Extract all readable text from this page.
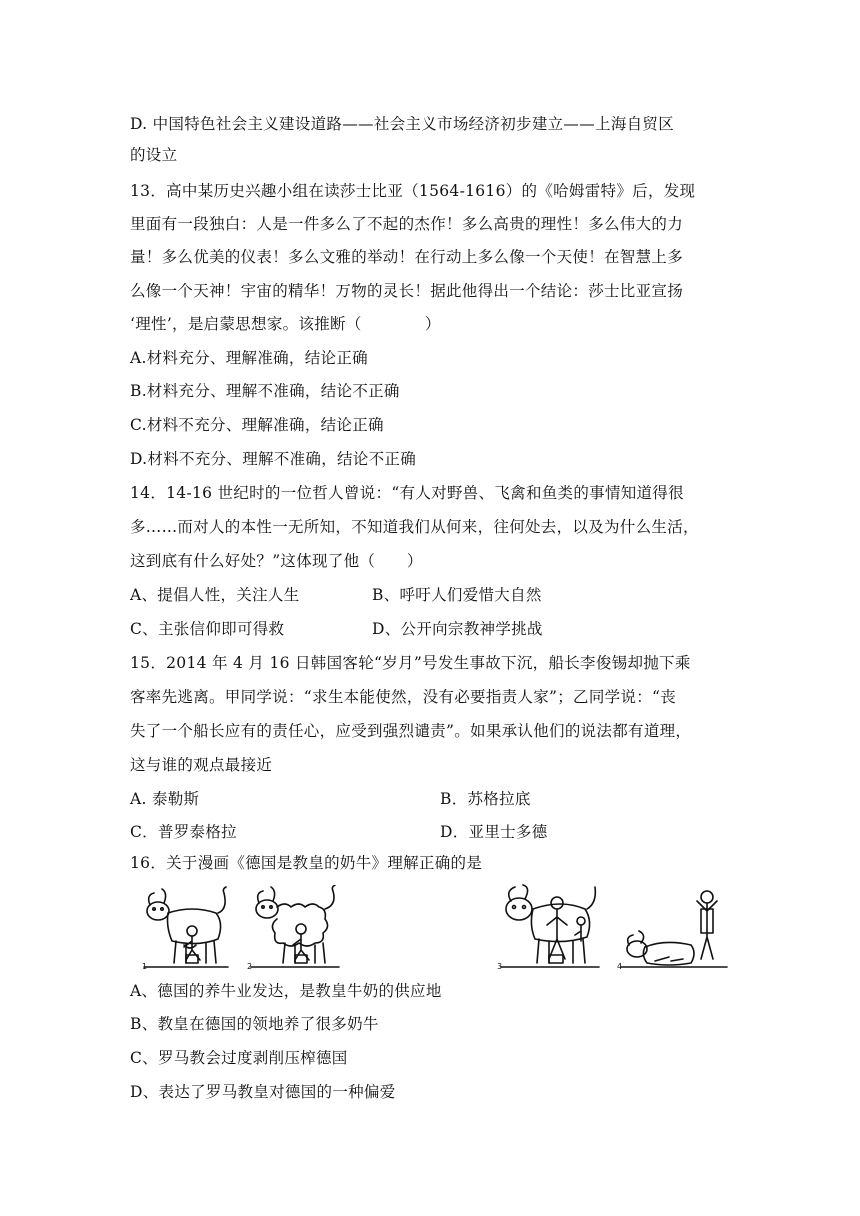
D. 中国特色社会主义建设道路——社会主义市场经济初步建立——上海自贸区
的设立
13．高中某历史兴趣小组在读莎士比亚（1564-1616）的《哈姆雷特》后，发现
里面有一段独白：人是一件多么了不起的杰作！多么高贵的理性！多么伟大的力
量！多么优美的仪表！多么文雅的举动！在行动上多么像一个天使！在智慧上多
么像一个天神！宇宙的精华！万物的灵长！据此他得出一个结论：莎士比亚宣扬
‘理性’，是启蒙思想家。该推断（　　　　）
A.材料充分、理解准确，结论正确
B.材料充分、理解不准确，结论不正确
C.材料不充分、理解准确，结论正确
D.材料不充分、理解不准确，结论不正确
14．14-16 世纪时的一位哲人曾说：“有人对野兽、飞禽和鱼类的事情知道得很
多……而对人的本性一无所知，不知道我们从何来，往何处去，以及为什么生活，
这到底有什么好处？”这体现了他（　　）
A、提倡人性，关注人生	B、呼吁人们爱惜大自然
C、主张信仰即可得救	D、公开向宗教神学挑战
15．2014 年 4 月 16 日韩国客轮“岁月”号发生事故下沉，船长李俊锡却抛下乘
客率先逃离。甲同学说：“求生本能使然，没有必要指责人家”；乙同学说：“丧
失了一个船长应有的责任心，应受到强烈谴责”。如果承认他们的说法都有道理，
这与谁的观点最接近
A. 泰勒斯	B．苏格拉底
C．普罗泰格拉	D．亚里士多德
16．关于漫画《德国是教皇的奶牛》理解正确的是
1	2	3	4
A、德国的养牛业发达，是教皇牛奶的供应地
B、教皇在德国的领地养了很多奶牛
C、罗马教会过度剥削压榨德国
D、表达了罗马教皇对德国的一种偏爱
